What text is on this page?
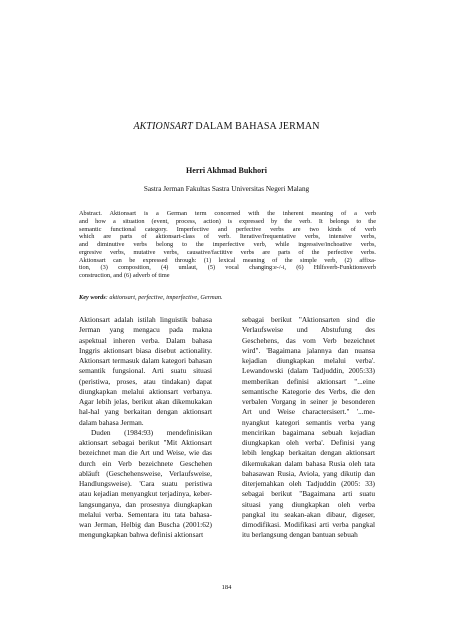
AKTIONSART DALAM BAHASA JERMAN
Herri Akhmad Bukhori
Sastra Jerman Fakultas Sastra Universitas Negeri Malang
Abstract. Aktionsart is a German term concerned with the inherent meaning of a verb
and how a situation (event, process, action) is expressed by the verb. It belongs to the
semantic functional category. Imperfective and perfective verbs are two kinds of verb
which are parts of aktionsart-class of verb. Iterative/frequentative verbs, intensive verbs,
and diminutive verbs belong to the imperfective verb, while ingressive/inchoative verbs,
ergresive verbs, mutative verbs, causative/factitive verbs are parts of the perfective verbs.
Aktionsart can be expressed through: (1) lexical meaning of the simple verb, (2) affixa-
tion, (3) composition, (4) umlaut, (5) vocal changing:e-/-i, (6) Hilfsverb-Funktionsverb
construction, and (6) adverb of time
Key words: aktionsart, perfective, imperfective, German.
Aktionsart adalah istilah linguistik bahasa
Jerman yang mengacu pada makna
aspektual inheren verba. Dalam bahasa
Inggris aktionsart biasa disebut actionality.
Aktionsart termasuk dalam kategori bahasan
semantik fungsional. Arti suatu situasi
(peristiwa, proses, atau tindakan) dapat
diungkapkan melalui aktionsart verbanya.
Agar lebih jelas, berikut akan dikemukakan
hal-hal yang berkaitan dengan aktionsart
dalam bahasa Jerman.
Duden (1984:93) mendefinisikan
aktionsart sebagai berikut "Mit Aktionsart
bezeichnet man die Art und Weise, wie das
durch ein Verb bezeichnete Geschehen
abläuft (Geschehensweise, Verlaufsweise,
Handlungsweise). 'Cara suatu peristiwa
atau kejadian menyangkut terjadinya, keber-
langsunganya, dan prosesnya diungkapkan
melalui verba. Sementara itu tata bahasa-
wan Jerman, Helbig dan Buscha (2001:62)
mengungkapkan bahwa definisi aktionsart
sebagai berikut "Aktionsarten sind die
Verlaufsweise und Abstufung des
Geschehens, das vom Verb bezeichnet
wird". 'Bagaimana jalannya dan nuansa
kejadian diungkapkan melalui verba'.
Lewandowski (dalam Tadjuddin, 2005:33)
memberikan definisi aktionsart "...eine
semantische Kategorie des Verbs, die den
verbalen Vorgang in seiner je besonderen
Art und Weise charactersisert." '...me-
nyangkut kategori semantis verba yang
mencirikan bagaimana sebuah kejadian
diungkapkan oleh verba'. Definisi yang
lebih lengkap berkaitan dengan aktionsart
dikemukakan dalam bahasa Rusia oleh tata
bahasawan Rusia, Aviola, yang dikutip dan
diterjemahkan oleh Tadjuddin (2005: 33)
sebagai berikut "Bagaimana arti suatu
situasi yang diungkapkan oleh verba
pangkal itu seakan-akan dibaur, digeser,
dimodifikasi. Modifikasi arti verba pangkal
itu berlangsung dengan bantuan sebuah
184
